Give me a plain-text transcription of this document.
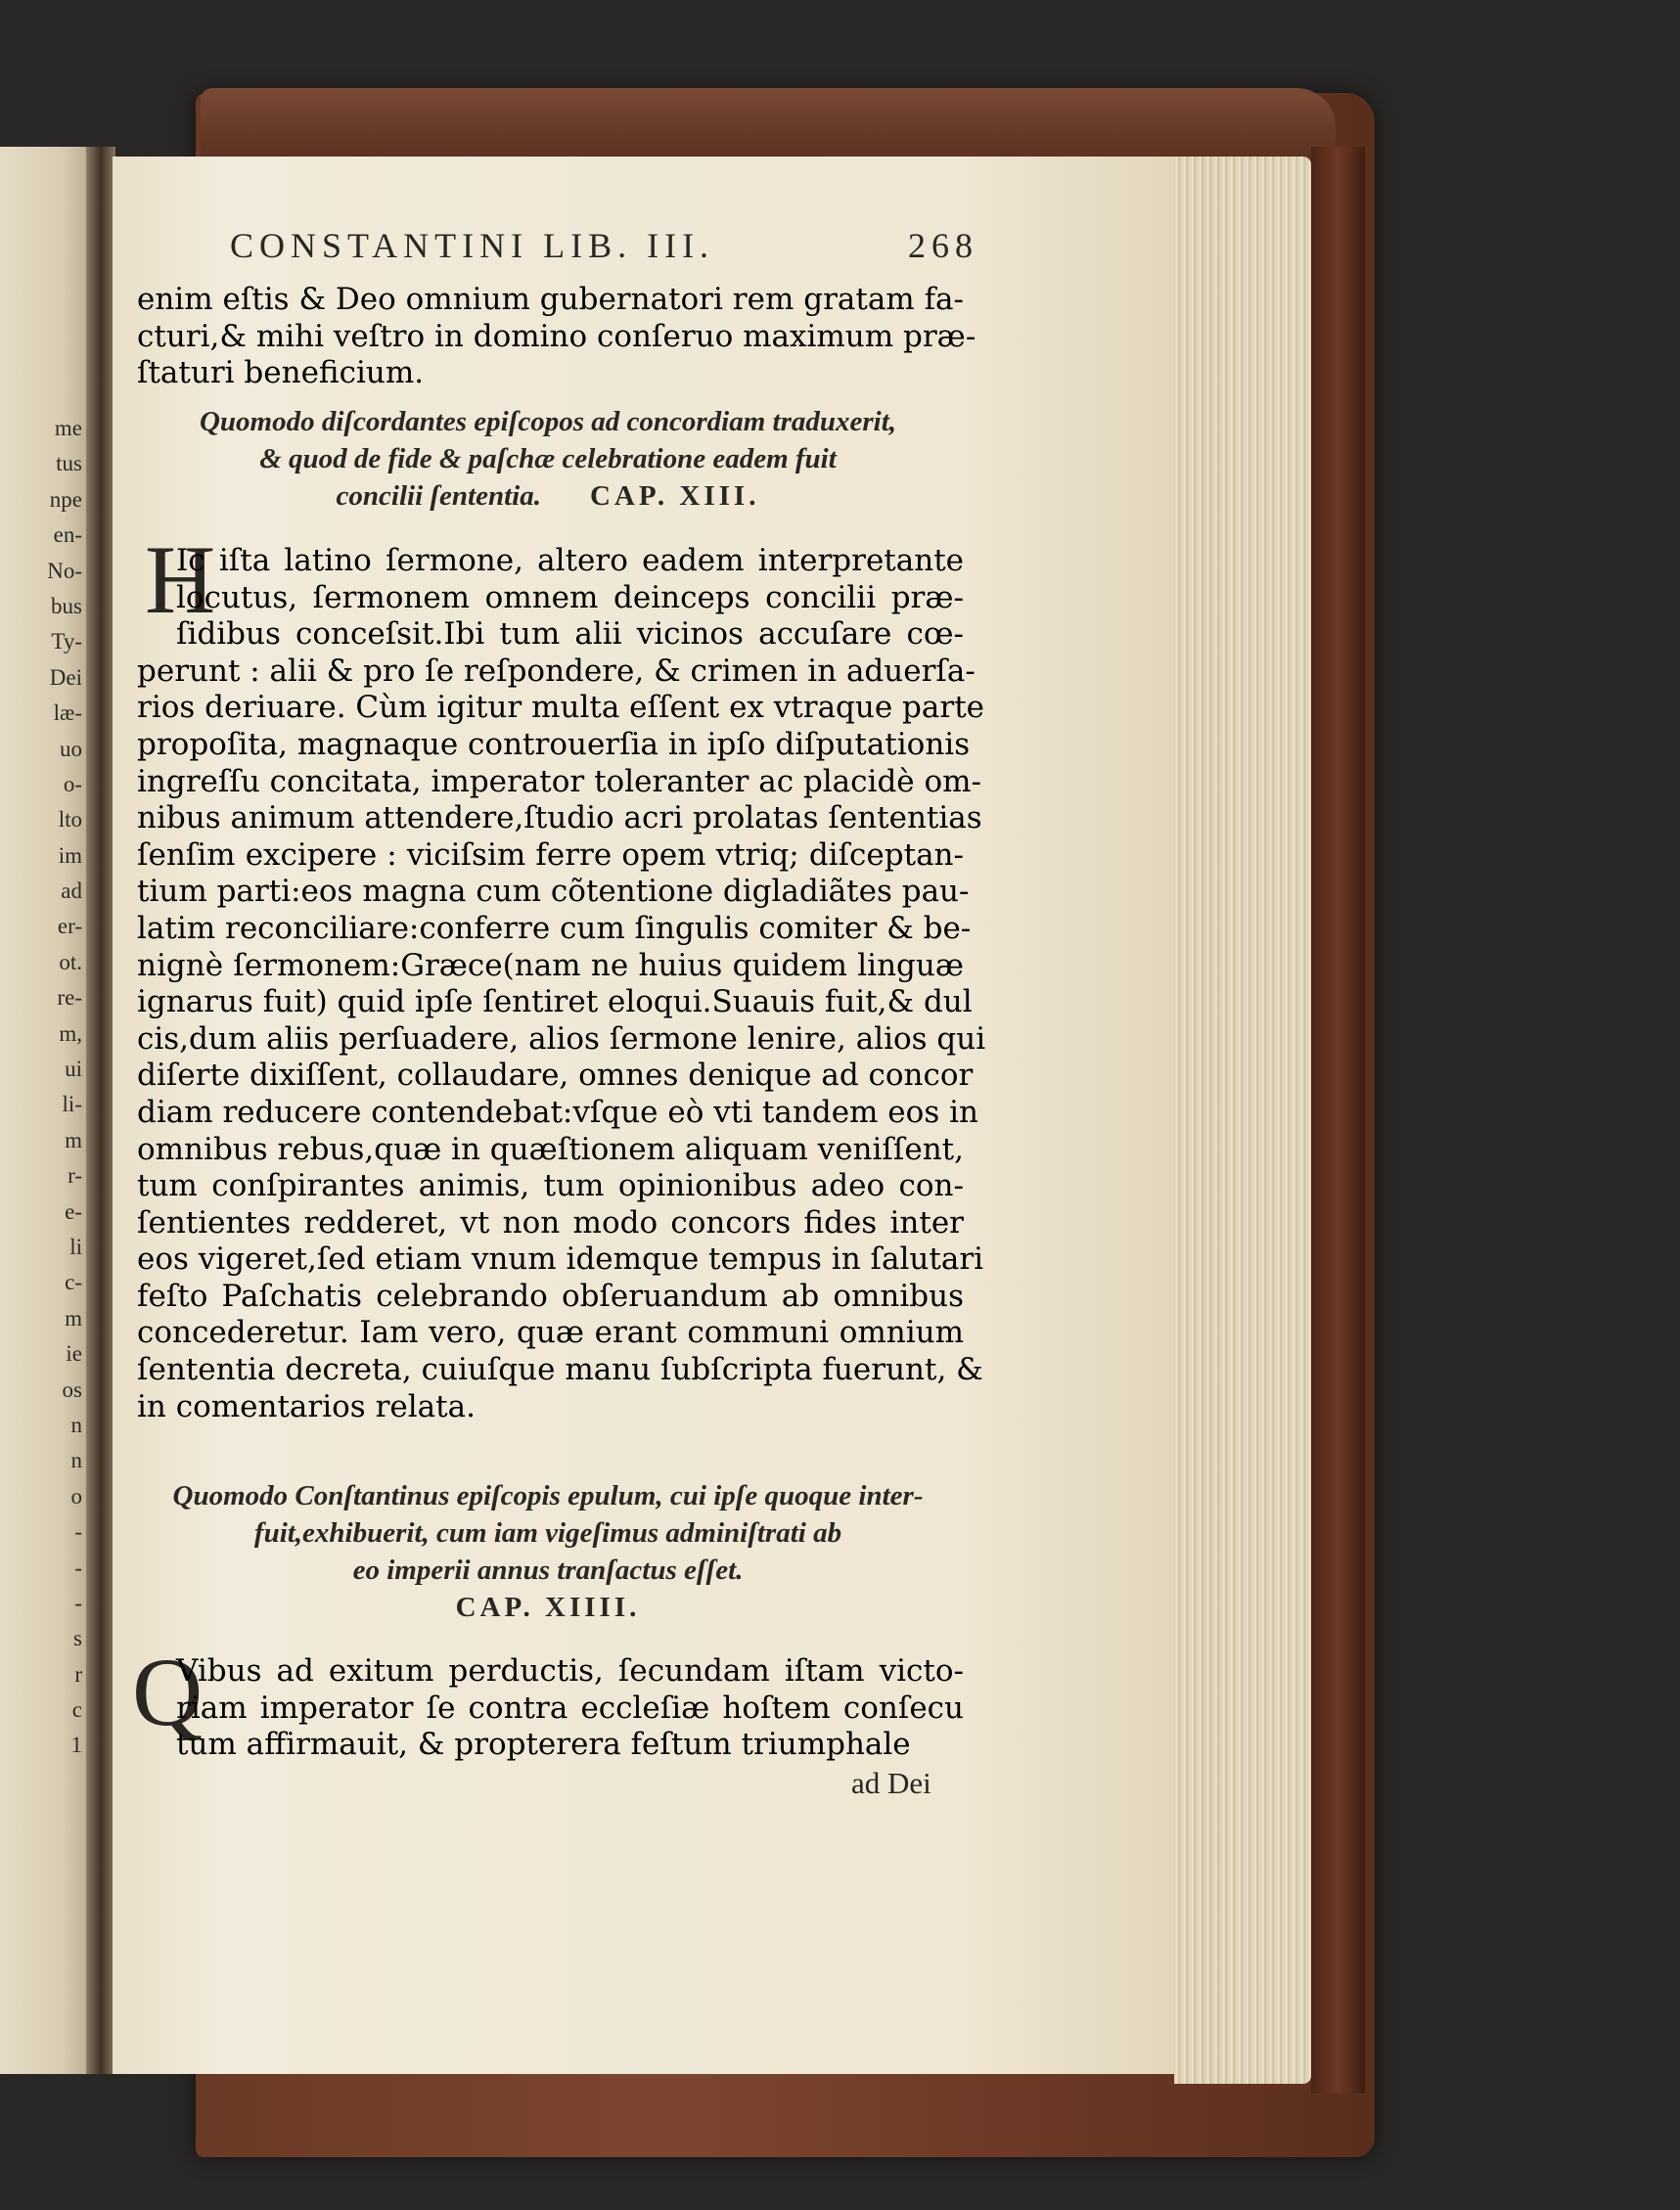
me
tus
npe
en-
No-
bus
Ty-
Dei
læ-
uo
o-
lto
im
ad
er-
ot.
re-
m,
ui
li-
m
r-
e-
li
c-
m
ie
os
n
n
o
-
-
-
s
r
c
1
CONSTANTINI LIB. III.	268
enim eſtis & Deo omnium gubernatori rem gratam fa-
cturi,& mihi veſtro in domino conſeruo maximum præ-
ſtaturi beneficium.
Quomodo diſcordantes epiſcopos ad concordiam traduxerit,
& quod de fide & paſchæ celebratione eadem fuit
concilii ſententia. CAP. XIII.
H
Ic iſta latino ſermone, altero eadem interpretante
locutus, ſermonem omnem deinceps concilii præ-
ſidibus conceſsit.Ibi tum alii vicinos accuſare cœ-
perunt : alii & pro ſe reſpondere, & crimen in aduerſa-
rios deriuare. Cùm igitur multa eſſent ex vtraque parte
propoſita, magnaque controuerſia in ipſo diſputationis
ingreſſu concitata, imperator toleranter ac placidè om-
nibus animum attendere,ſtudio acri prolatas ſententias
ſenſim excipere : viciſsim ferre opem vtriq; diſceptan-
tium parti:eos magna cum cõtentione digladiãtes pau-
latim reconciliare:conferre cum ſingulis comiter & be-
nignè ſermonem:Græce(nam ne huius quidem linguæ
ignarus fuit) quid ipſe ſentiret eloqui.Suauis fuit,& dul
cis,dum aliis perſuadere, alios ſermone lenire, alios qui
diſerte dixiſſent, collaudare, omnes denique ad concor
diam reducere contendebat:vſque eò vti tandem eos in
omnibus rebus,quæ in quæſtionem aliquam veniſſent,
tum conſpirantes animis, tum opinionibus adeo con-
ſentientes redderet, vt non modo concors fides inter
eos vigeret,ſed etiam vnum idemque tempus in ſalutari
feſto Paſchatis celebrando obſeruandum ab omnibus
concederetur. Iam vero, quæ erant communi omnium
ſententia decreta, cuiuſque manu ſubſcripta fuerunt, &
in comentarios relata.
Quomodo Conſtantinus epiſcopis epulum, cui ipſe quoque inter-
fuit,exhibuerit, cum iam vigeſimus adminiſtrati ab
eo imperii annus tranſactus eſſet.
CAP. XIIII.
Q
Vibus ad exitum perductis, ſecundam iſtam victo-
riam imperator ſe contra eccleſiæ hoſtem conſecu
tum affirmauit, & propterera feſtum triumphale
ad Dei
